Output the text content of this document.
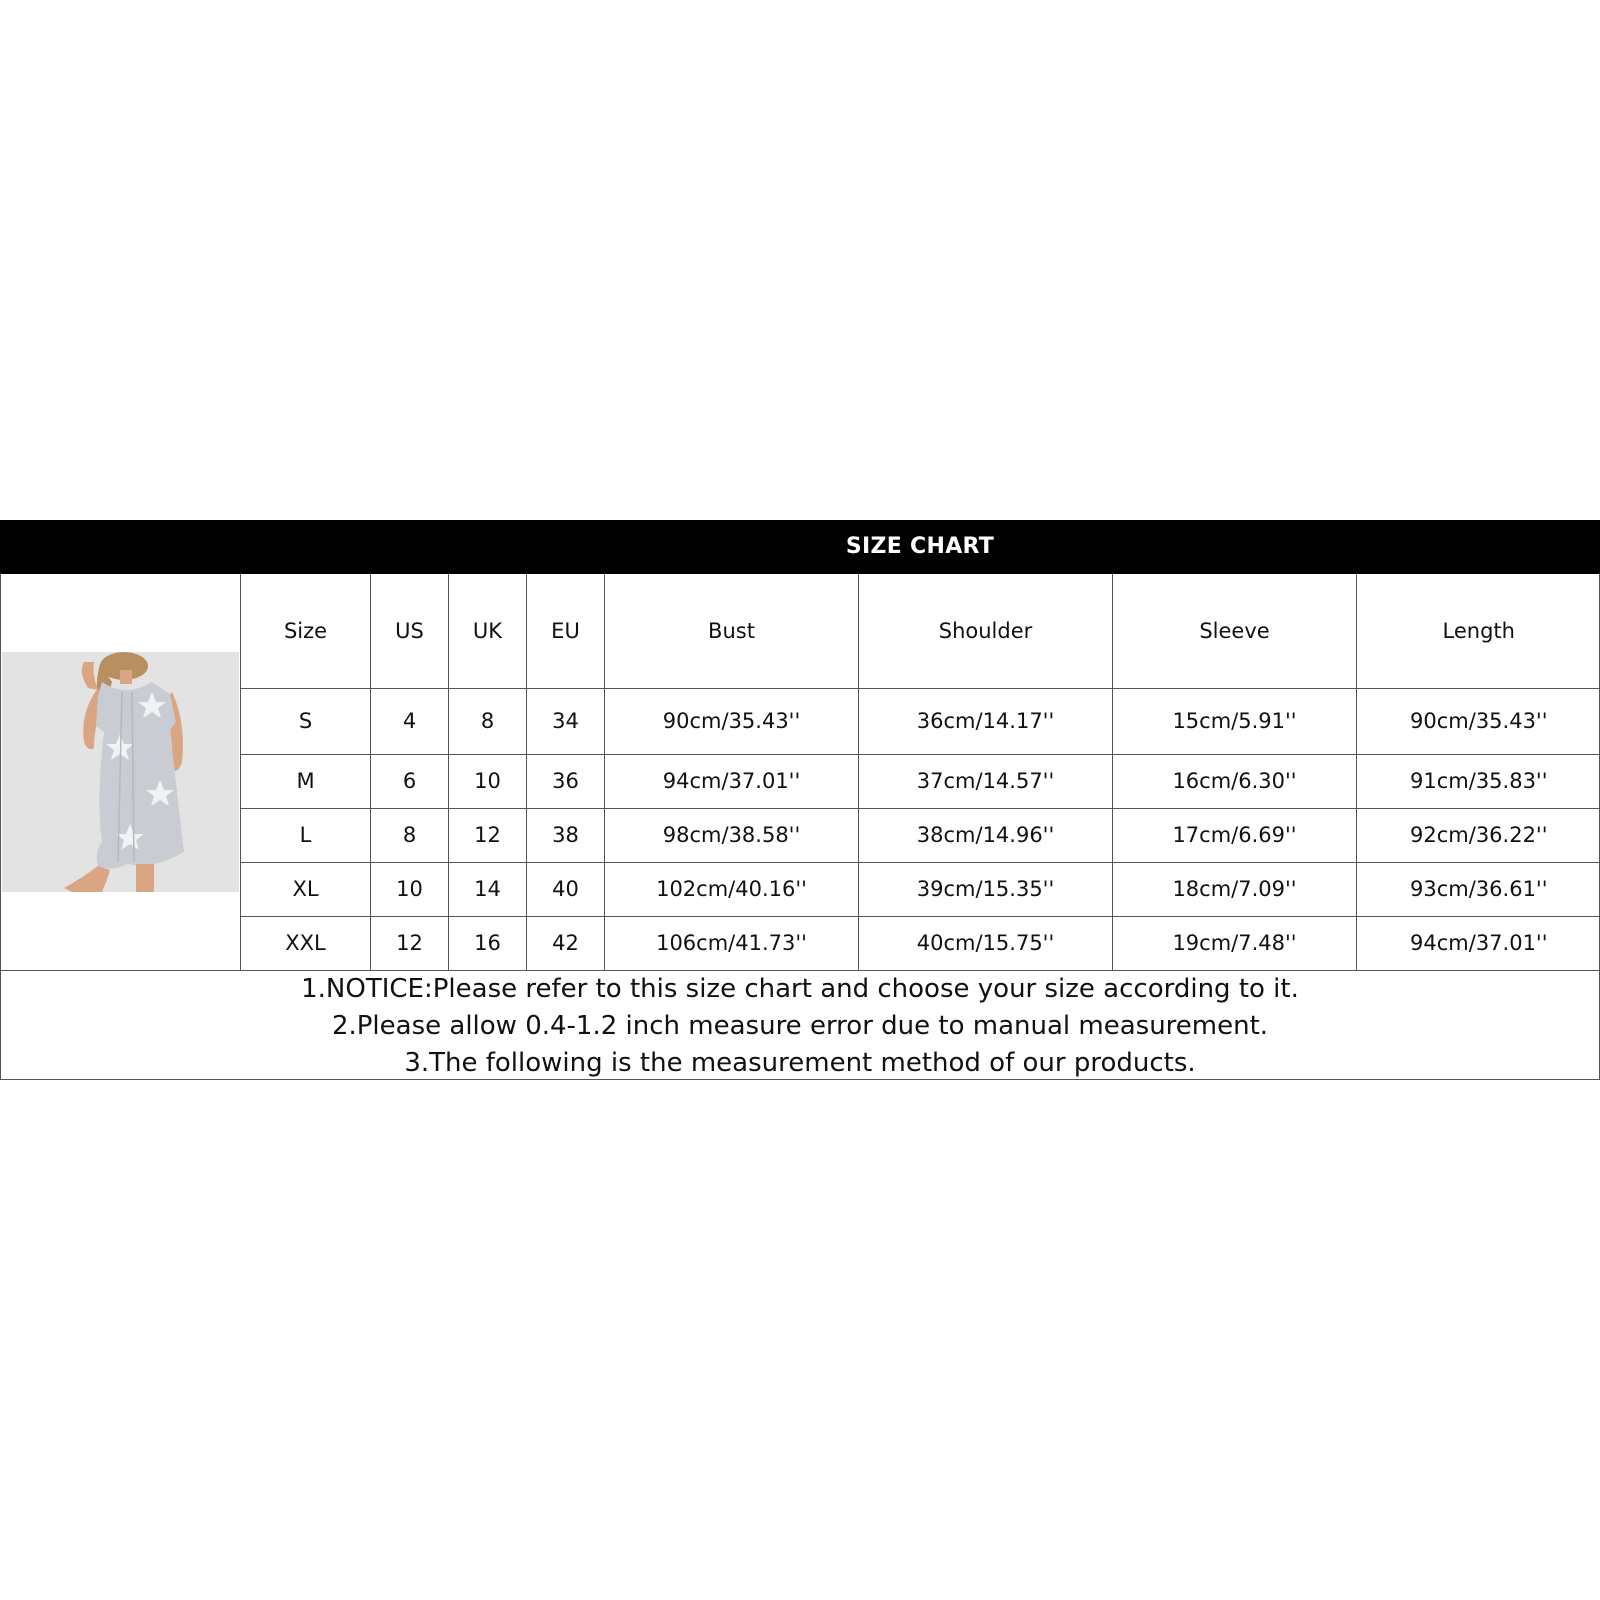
SIZE CHART
Size	US	UK	EU	Bust	Shoulder	Sleeve	Length
S	4	8	34	90cm/35.43''	36cm/14.17''	15cm/5.91''	90cm/35.43''
M	6	10	36	94cm/37.01''	37cm/14.57''	16cm/6.30''	91cm/35.83''
L	8	12	38	98cm/38.58''	38cm/14.96''	17cm/6.69''	92cm/36.22''
XL	10	14	40	102cm/40.16''	39cm/15.35''	18cm/7.09''	93cm/36.61''
XXL	12	16	42	106cm/41.73''	40cm/15.75''	19cm/7.48''	94cm/37.01''
1.NOTICE:Please refer to this size chart and choose your size according to it.
2.Please allow 0.4-1.2 inch measure error due to manual measurement.
3.The following is the measurement method of our products.
